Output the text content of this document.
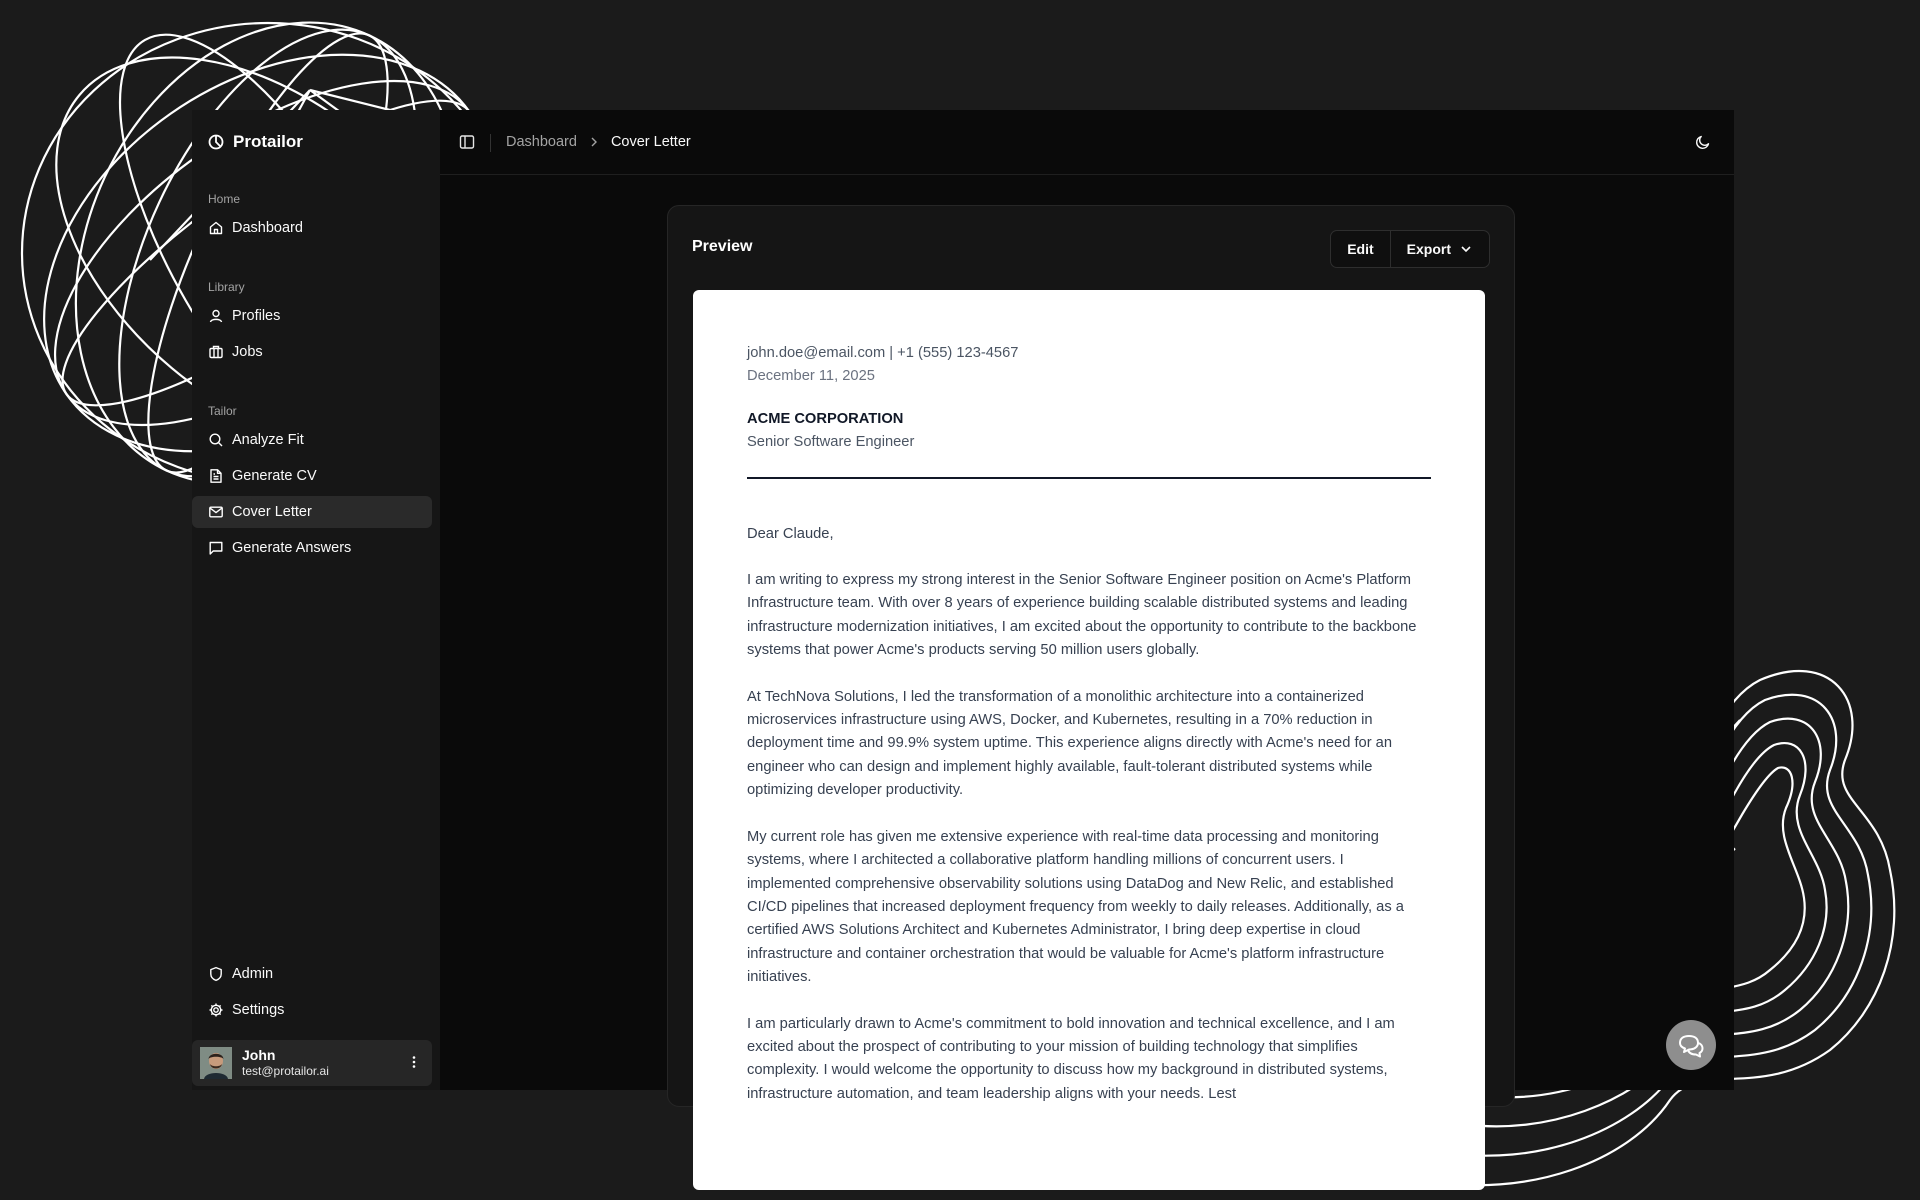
Protailor
Home
Dashboard
Library
Profiles
Jobs
Tailor
Analyze Fit
Generate CV
Cover Letter
Generate Answers
Admin
Settings
John
test@protailor.ai
Dashboard Cover Letter
Preview	Edit Export
john.doe@email.com | +1 (555) 123-4567
December 11, 2025
ACME CORPORATION
Senior Software Engineer
Dear Claude,
I am writing to express my strong interest in the Senior Software Engineer position on Acme's Platform Infrastructure team. With over 8 years of experience building scalable distributed systems and leading infrastructure modernization initiatives, I am excited about the opportunity to contribute to the backbone systems that power Acme's products serving 50 million users globally.
At TechNova Solutions, I led the transformation of a monolithic architecture into a containerized microservices infrastructure using AWS, Docker, and Kubernetes, resulting in a 70% reduction in deployment time and 99.9% system uptime. This experience aligns directly with Acme's need for an engineer who can design and implement highly available, fault-tolerant distributed systems while optimizing developer productivity.
My current role has given me extensive experience with real-time data processing and monitoring systems, where I architected a collaborative platform handling millions of concurrent users. I implemented comprehensive observability solutions using DataDog and New Relic, and established CI/CD pipelines that increased deployment frequency from weekly to daily releases. Additionally, as a certified AWS Solutions Architect and Kubernetes Administrator, I bring deep expertise in cloud infrastructure and container orchestration that would be valuable for Acme's platform infrastructure initiatives.
I am particularly drawn to Acme's commitment to bold innovation and technical excellence, and I am excited about the prospect of contributing to your mission of building technology that simplifies complexity. I would welcome the opportunity to discuss how my background in distributed systems, infrastructure automation, and team leadership aligns with your needs. Lest
